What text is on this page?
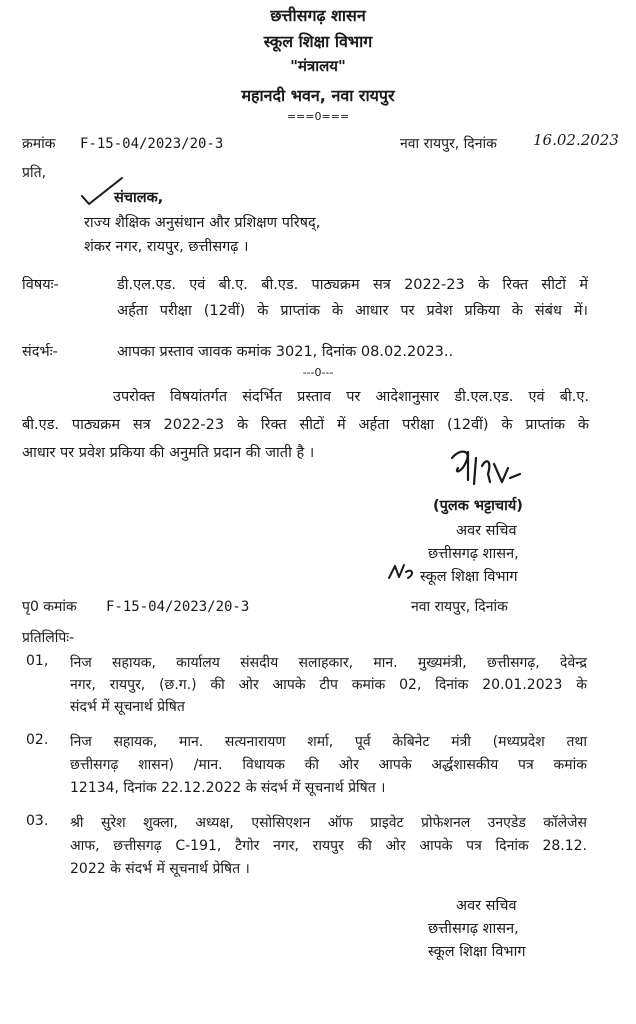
छत्तीसगढ़ शासन
स्कूल शिक्षा विभाग
"मंत्रालय"
महानदी भवन, नवा रायपुर
===0===
क्रमांक F-15-04/2023/20-3	नवा रायपुर, दिनांक 16.02.2023
प्रति,
संचालक,
राज्य शैक्षिक अनुसंधान और प्रशिक्षण परिषद्,
शंकर नगर, रायपुर, छत्तीसगढ़ ।
विषयः-	डी.एल.एड. एवं बी.ए. बी.एड. पाठ्यक्रम सत्र 2022-23 के रिक्त सीटों में
अर्हता परीक्षा (12वीं) के प्राप्तांक के आधार पर प्रवेश प्रकिया के संबंध में।
संदर्भः-	आपका प्रस्ताव जावक कमांक 3021, दिनांक 08.02.2023..
---0---
उपरोक्त विषयांतर्गत संदर्भित प्रस्ताव पर आदेशानुसार डी.एल.एड. एवं बी.ए.
बी.एड. पाठ्यक्रम सत्र 2022-23 के रिक्त सीटों में अर्हता परीक्षा (12वीं) के प्राप्तांक के
आधार पर प्रवेश प्रकिया की अनुमति प्रदान की जाती है ।
(पुलक भट्टाचार्य)
अवर सचिव
छत्तीसगढ़ शासन,
स्कूल शिक्षा विभाग
पृ0 कमांक F-15-04/2023/20-3	नवा रायपुर, दिनांक
प्रतिलिपिः-
01, निज सहायक, कार्यालय संसदीय सलाहकार, मान. मुख्यमंत्री, छत्तीसगढ़, देवेन्द्र
नगर, रायपुर, (छ.ग.) की ओर आपके टीप कमांक 02, दिनांक 20.01.2023 के
संदर्भ में सूचनार्थ प्रेषित
02. निज सहायक, मान. सत्यनारायण शर्मा, पूर्व केबिनेट मंत्री (मध्यप्रदेश तथा
छत्तीसगढ़ शासन) /मान. विधायक की ओर आपके अर्द्धशासकीय पत्र कमांक
12134, दिनांक 22.12.2022 के संदर्भ में सूचनार्थ प्रेषित ।
03. श्री सुरेश शुक्ला, अध्यक्ष, एसोसिएशन ऑफ प्राइवेट प्रोफेशनल उनएडेड कॉलेजेस
आफ, छत्तीसगढ़ C-191, टैगोर नगर, रायपुर की ओर आपके पत्र दिनांक 28.12.
2022 के संदर्भ में सूचनार्थ प्रेषित ।
अवर सचिव
छत्तीसगढ़ शासन,
स्कूल शिक्षा विभाग
